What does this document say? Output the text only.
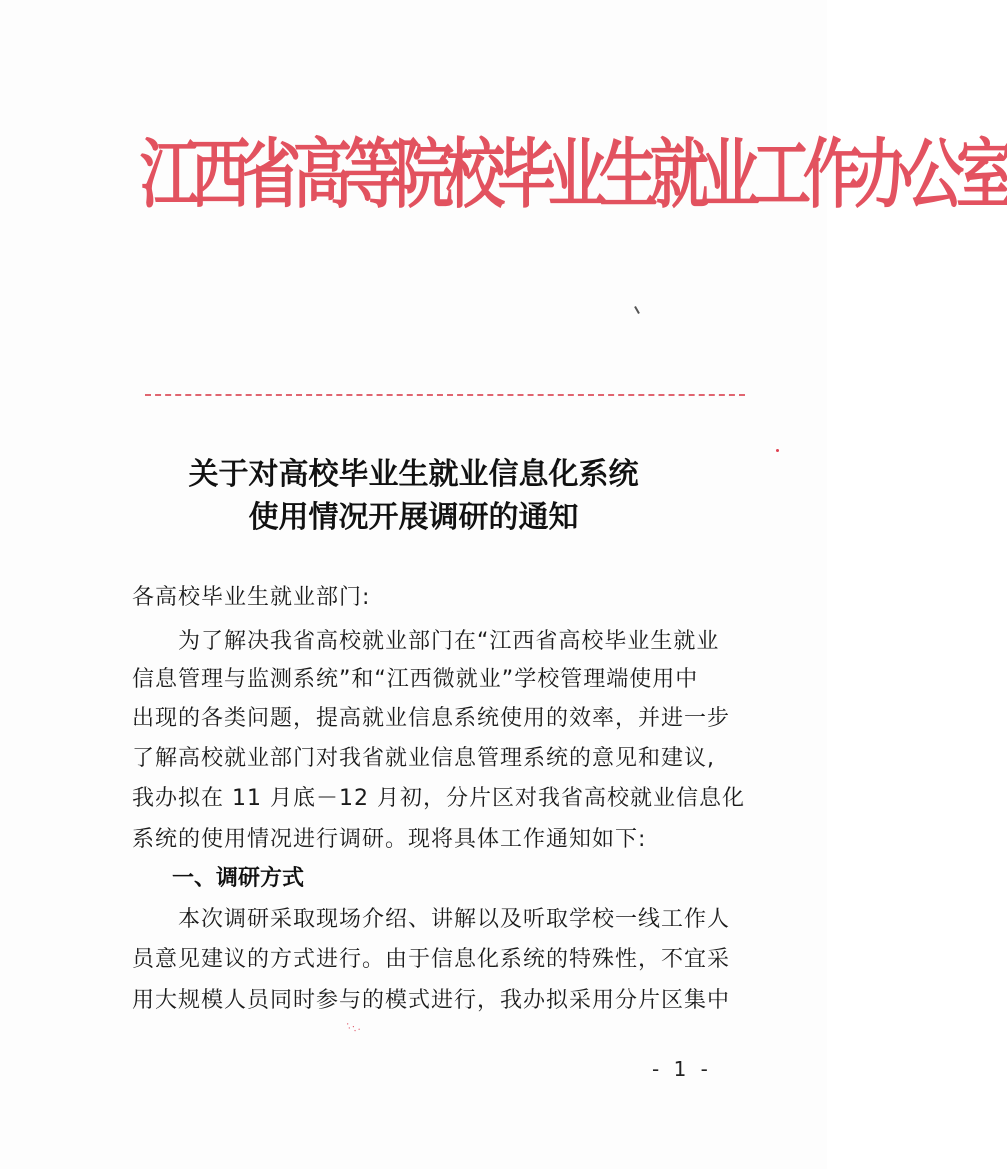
江西省高等院校毕业生就业工作办公室
关于对高校毕业生就业信息化系统
使用情况开展调研的通知
各高校毕业生就业部门:
　　为了解决我省高校就业部门在“江西省高校毕业生就业
信息管理与监测系统”和“江西微就业”学校管理端使用中
出现的各类问题，提高就业信息系统使用的效率，并进一步
了解高校就业部门对我省就业信息管理系统的意见和建议,
我办拟在 11 月底－12 月初，分片区对我省高校就业信息化
系统的使用情况进行调研。现将具体工作通知如下:
一、调研方式
　　本次调研采取现场介绍、讲解以及听取学校一线工作人
员意见建议的方式进行。由于信息化系统的特殊性，不宜采
用大规模人员同时参与的模式进行，我办拟采用分片区集中
·.·.·
- 1 -
